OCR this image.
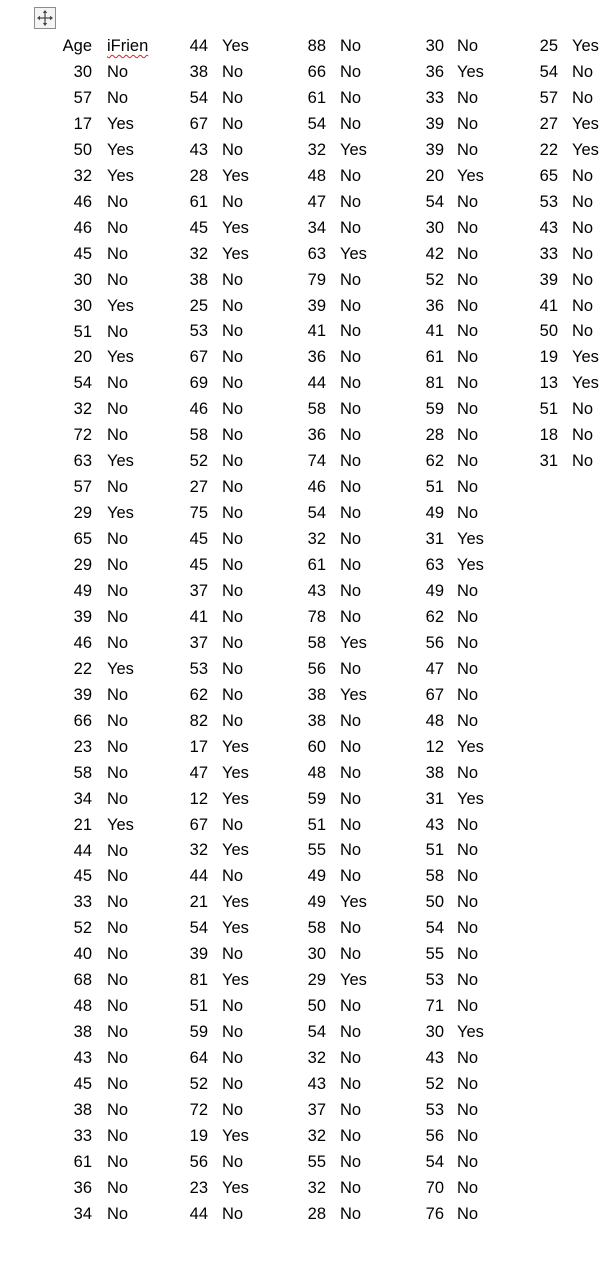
Age iFrien
30 No
57 No
17 Yes
50 Yes
32 Yes
46 No
46 No
45 No
30 No
30 Yes
51 No
20 Yes
54 No
32 No
72 No
63 Yes
57 No
29 Yes
65 No
29 No
49 No
39 No
46 No
22 Yes
39 No
66 No
23 No
58 No
34 No
21 Yes
44 No
45 No
33 No
52 No
40 No
68 No
48 No
38 No
43 No
45 No
38 No
33 No
61 No
36 No
34 No
44 Yes
38 No
54 No
67 No
43 No
28 Yes
61 No
45 Yes
32 Yes
38 No
25 No
53 No
67 No
69 No
46 No
58 No
52 No
27 No
75 No
45 No
45 No
37 No
41 No
37 No
53 No
62 No
82 No
17 Yes
47 Yes
12 Yes
67 No
32 Yes
44 No
21 Yes
54 Yes
39 No
81 Yes
51 No
59 No
64 No
52 No
72 No
19 Yes
56 No
23 Yes
44 No
88 No
66 No
61 No
54 No
32 Yes
48 No
47 No
34 No
63 Yes
79 No
39 No
41 No
36 No
44 No
58 No
36 No
74 No
46 No
54 No
32 No
61 No
43 No
78 No
58 Yes
56 No
38 Yes
38 No
60 No
48 No
59 No
51 No
55 No
49 No
49 Yes
58 No
30 No
29 Yes
50 No
54 No
32 No
43 No
37 No
32 No
55 No
32 No
28 No
30 No
36 Yes
33 No
39 No
39 No
20 Yes
54 No
30 No
42 No
52 No
36 No
41 No
61 No
81 No
59 No
28 No
62 No
51 No
49 No
31 Yes
63 Yes
49 No
62 No
56 No
47 No
67 No
48 No
12 Yes
38 No
31 Yes
43 No
51 No
58 No
50 No
54 No
55 No
53 No
71 No
30 Yes
43 No
52 No
53 No
56 No
54 No
70 No
76 No
25 Yes
54 No
57 No
27 Yes
22 Yes
65 No
53 No
43 No
33 No
39 No
41 No
50 No
19 Yes
13 Yes
51 No
18 No
31 No
